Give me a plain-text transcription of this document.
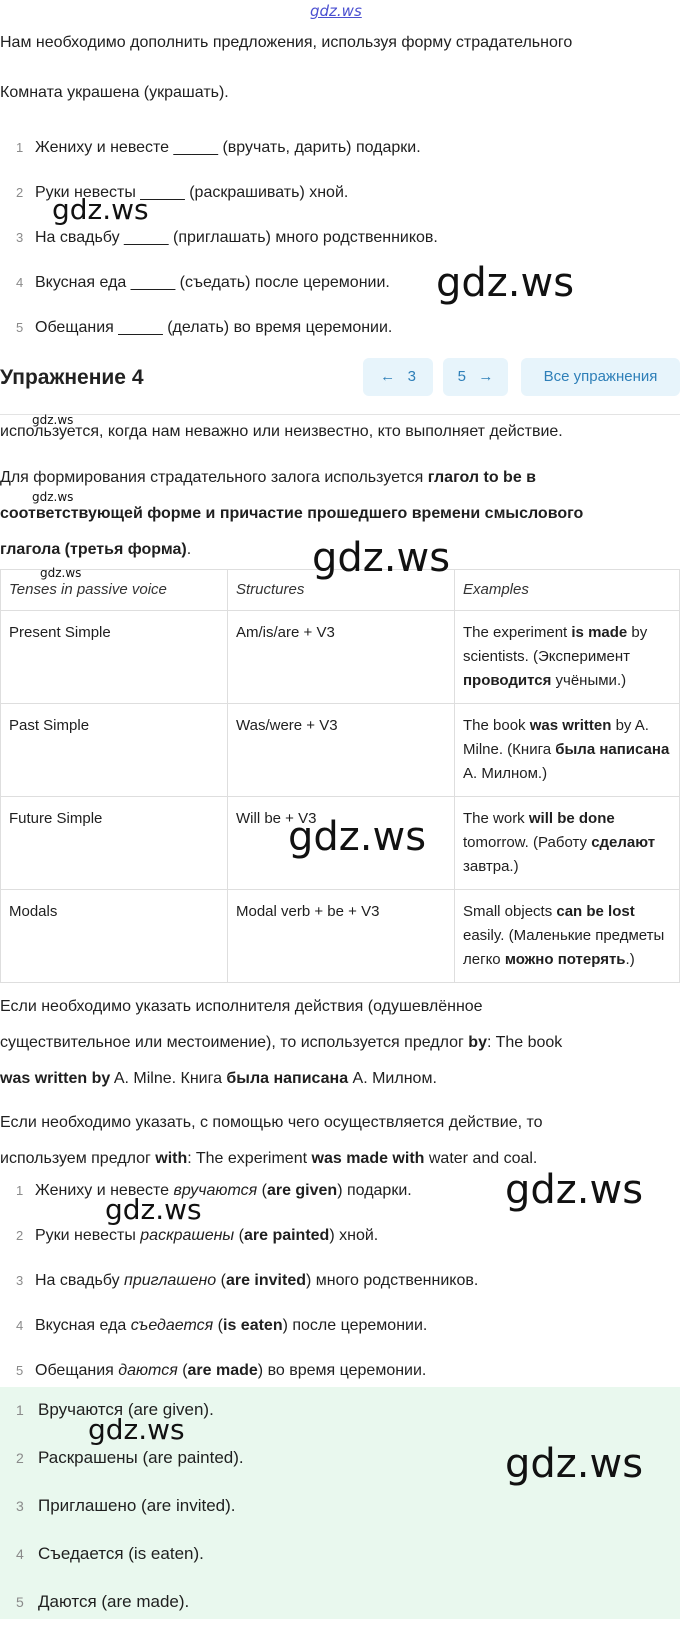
gdz.ws
gdz.ws
gdz.ws
gdz.ws
gdz.ws
gdz.ws	gdz.ws
gdz.ws
gdz.ws
gdz.ws
gdz.ws
gdz.ws

Нам необходимо дополнить предложения, используя форму страдательного

Комната украшена (украшать).

1 Жениху и невесте _____ (вручать, дарить) подарки.
2 Руки невесты _____ (раскрашивать) хной.
3 На свадьбу _____ (приглашать) много родственников.
4 Вкусная еда _____ (съедать) после церемонии.
5 Обещания _____ (делать) во время церемонии.
Упражнение 4	← 3	5 →	Все упражнения

используется, когда нам неважно или неизвестно, кто выполняет действие.

Для формирования страдательного залога используется глагол to be в

соответствующей форме и причастие прошедшего времени смыслового

глагола (третья форма).

Tenses in passive voice	Structures	Examples
Present Simple	Am/is/are + V3	The experiment is made by scientists. (Эксперимент проводится учёными.)
Past Simple	Was/were + V3	The book was written by A. Milne. (Книга была написана А. Милном.)
Future Simple	Will be + V3	The work will be done tomorrow. (Работу сделают завтра.)
Modals	Modal verb + be + V3	Small objects can be lost easily. (Маленькие предметы легко можно потерять.)

Если необходимо указать исполнителя действия (одушевлённое

существительное или местоимение), то используется предлог by: The book

was written by A. Milne. Книга была написана А. Милном.

Если необходимо указать, с помощью чего осуществляется действие, то

используем предлог with: The experiment was made with water and coal.

1 Жениху и невесте вручаются (are given) подарки.
2 Руки невесты раскрашены (are painted) хной.
3 На свадьбу приглашено (are invited) много родственников.
4 Вкусная еда съедается (is eaten) после церемонии.
5 Обещания даются (are made) во время церемонии.
1 Вручаются (are given).
2 Раскрашены (are painted).
3 Приглашено (are invited).
4 Съедается (is eaten).
5 Даются (are made).
